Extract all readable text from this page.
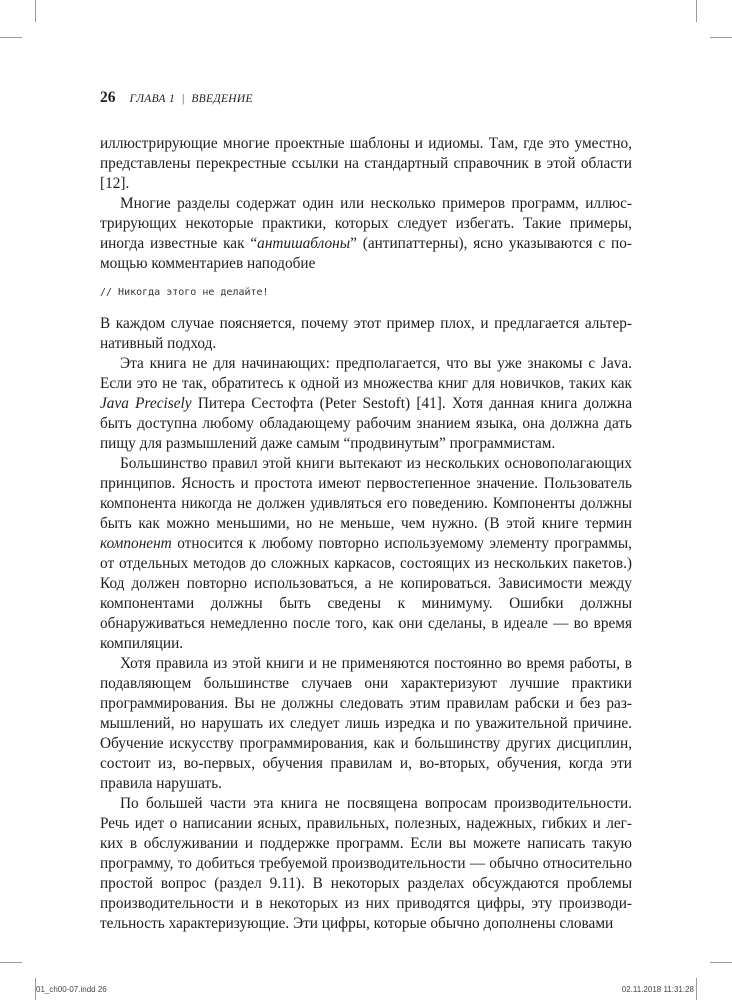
26 ГЛАВА 1 | ВВЕДЕНИЕ

иллюстрирующие многие проектные шаблоны и идиомы. Там, где это уместно, представлены перекрестные ссылки на стандартный справочник в этой области [12].

Многие разделы содержат один или несколько примеров программ, иллюстрирующих некоторые практики, которых следует избегать. Такие примеры, иногда известные как “антишаблоны” (антипаттерны), ясно указываются с помощью комментариев наподобие

// Никогда этого не делайте!

В каждом случае поясняется, почему этот пример плох, и предлагается альтернативный подход.

Эта книга не для начинающих: предполагается, что вы уже знакомы с Java. Если это не так, обратитесь к одной из множества книг для новичков, таких как Java Precisely Питера Сестофта (Peter Sestoft) [41]. Хотя данная книга должна быть доступна любому обладающему рабочим знанием языка, она должна дать пищу для размышлений даже самым “продвинутым” программистам.

Большинство правил этой книги вытекают из нескольких основополагающих принципов. Ясность и простота имеют первостепенное значение. Пользователь компонента никогда не должен удивляться его поведению. Компоненты должны быть как можно меньшими, но не меньше, чем нужно. (В этой книге термин компонент относится к любому повторно используемому элементу программы, от отдельных методов до сложных каркасов, состоящих из нескольких пакетов.) Код должен повторно использоваться, а не копироваться. Зависимости между компонентами должны быть сведены к минимуму. Ошибки должны обнаруживаться немедленно после того, как они сделаны, в идеале — во время компиляции.

Хотя правила из этой книги и не применяются постоянно во время работы, в подавляющем большинстве случаев они характеризуют лучшие практики программирования. Вы не должны следовать этим правилам рабски и без размышлений, но нарушать их следует лишь изредка и по уважительной причине. Обучение искусству программирования, как и большинству других дисциплин, состоит из, во-первых, обучения правилам и, во-вторых, обучения, когда эти правила нарушать.

По большей части эта книга не посвящена вопросам производительности. Речь идет о написании ясных, правильных, полезных, надежных, гибких и легких в обслуживании и поддержке программ. Если вы можете написать такую программу, то добиться требуемой производительности — обычно относительно простой вопрос (раздел 9.11). В некоторых разделах обсуждаются проблемы производительности и в некоторых из них приводятся цифры, эту производительность характеризующие. Эти цифры, которые обычно дополнены словами

01_ch00-07.indd 26	02.11.2018 11:31:28
